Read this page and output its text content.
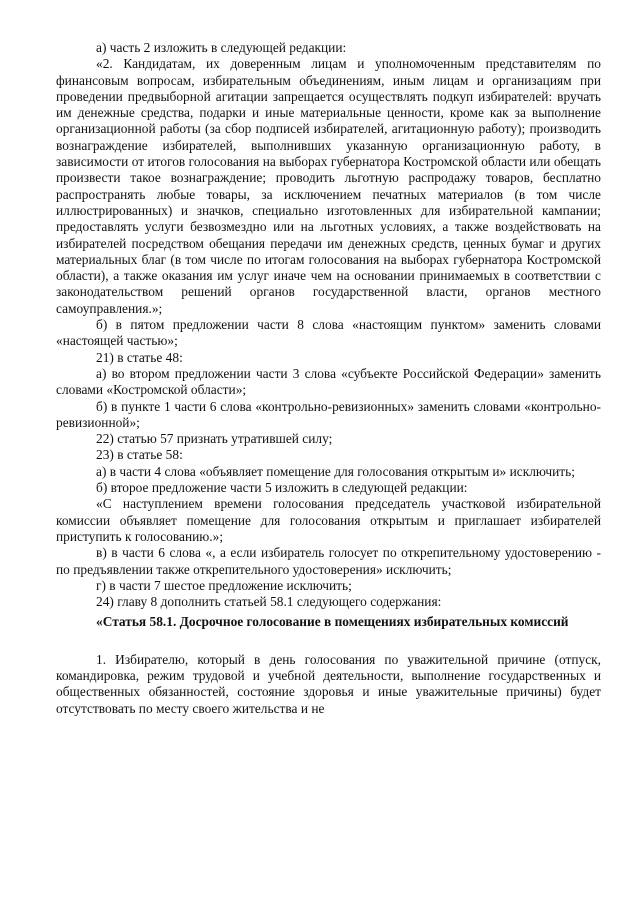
а) часть 2 изложить в следующей редакции:

«2. Кандидатам, их доверенным лицам и уполномоченным представителям по финансовым вопросам, избирательным объединениям, иным лицам и организациям при проведении предвыборной агитации запрещается осуществлять подкуп избирателей: вручать им денежные средства, подарки и иные материальные ценности, кроме как за выполнение организационной работы (за сбор подписей избирателей, агитационную работу); производить вознаграждение избирателей, выполнивших указанную организационную работу, в зависимости от итогов голосования на выборах губернатора Костромской области или обещать произвести такое вознаграждение; проводить льготную распродажу товаров, бесплатно распространять любые товары, за исключением печатных материалов (в том числе иллюстрированных) и значков, специально изготовленных для избирательной кампании; предоставлять услуги безвозмездно или на льготных условиях, а также воздействовать на избирателей посредством обещания передачи им денежных средств, ценных бумаг и других материальных благ (в том числе по итогам голосования на выборах губернатора Костромской области), а также оказания им услуг иначе чем на основании принимаемых в соответствии с законодательством решений органов государственной власти, органов местного самоуправления.»;

б) в пятом предложении части 8 слова «настоящим пунктом» заменить словами «настоящей частью»;

21) в статье 48:

а) во втором предложении части 3 слова «субъекте Российской Федерации» заменить словами «Костромской области»;

б) в пункте 1 части 6 слова «контрольно-ревизионных» заменить словами «контрольно-ревизионной»;

22) статью 57 признать утратившей силу;

23) в статье 58:

а) в части 4 слова «объявляет помещение для голосования открытым и» исключить;

б) второе предложение части 5 изложить в следующей редакции:

«С наступлением времени голосования председатель участковой избирательной комиссии объявляет помещение для голосования открытым и приглашает избирателей приступить к голосованию.»;

в) в части 6 слова «, а если избиратель голосует по открепительному удостоверению - по предъявлении также открепительного удостоверения» исключить;

г) в части 7 шестое предложение исключить;

24) главу 8 дополнить статьей 58.1 следующего содержания:

«Статья 58.1. Досрочное голосование в помещениях избирательных комиссий

1. Избирателю, который в день голосования по уважительной причине (отпуск, командировка, режим трудовой и учебной деятельности, выполнение государственных и общественных обязанностей, состояние здоровья и иные уважительные причины) будет отсутствовать по месту своего жительства и не
